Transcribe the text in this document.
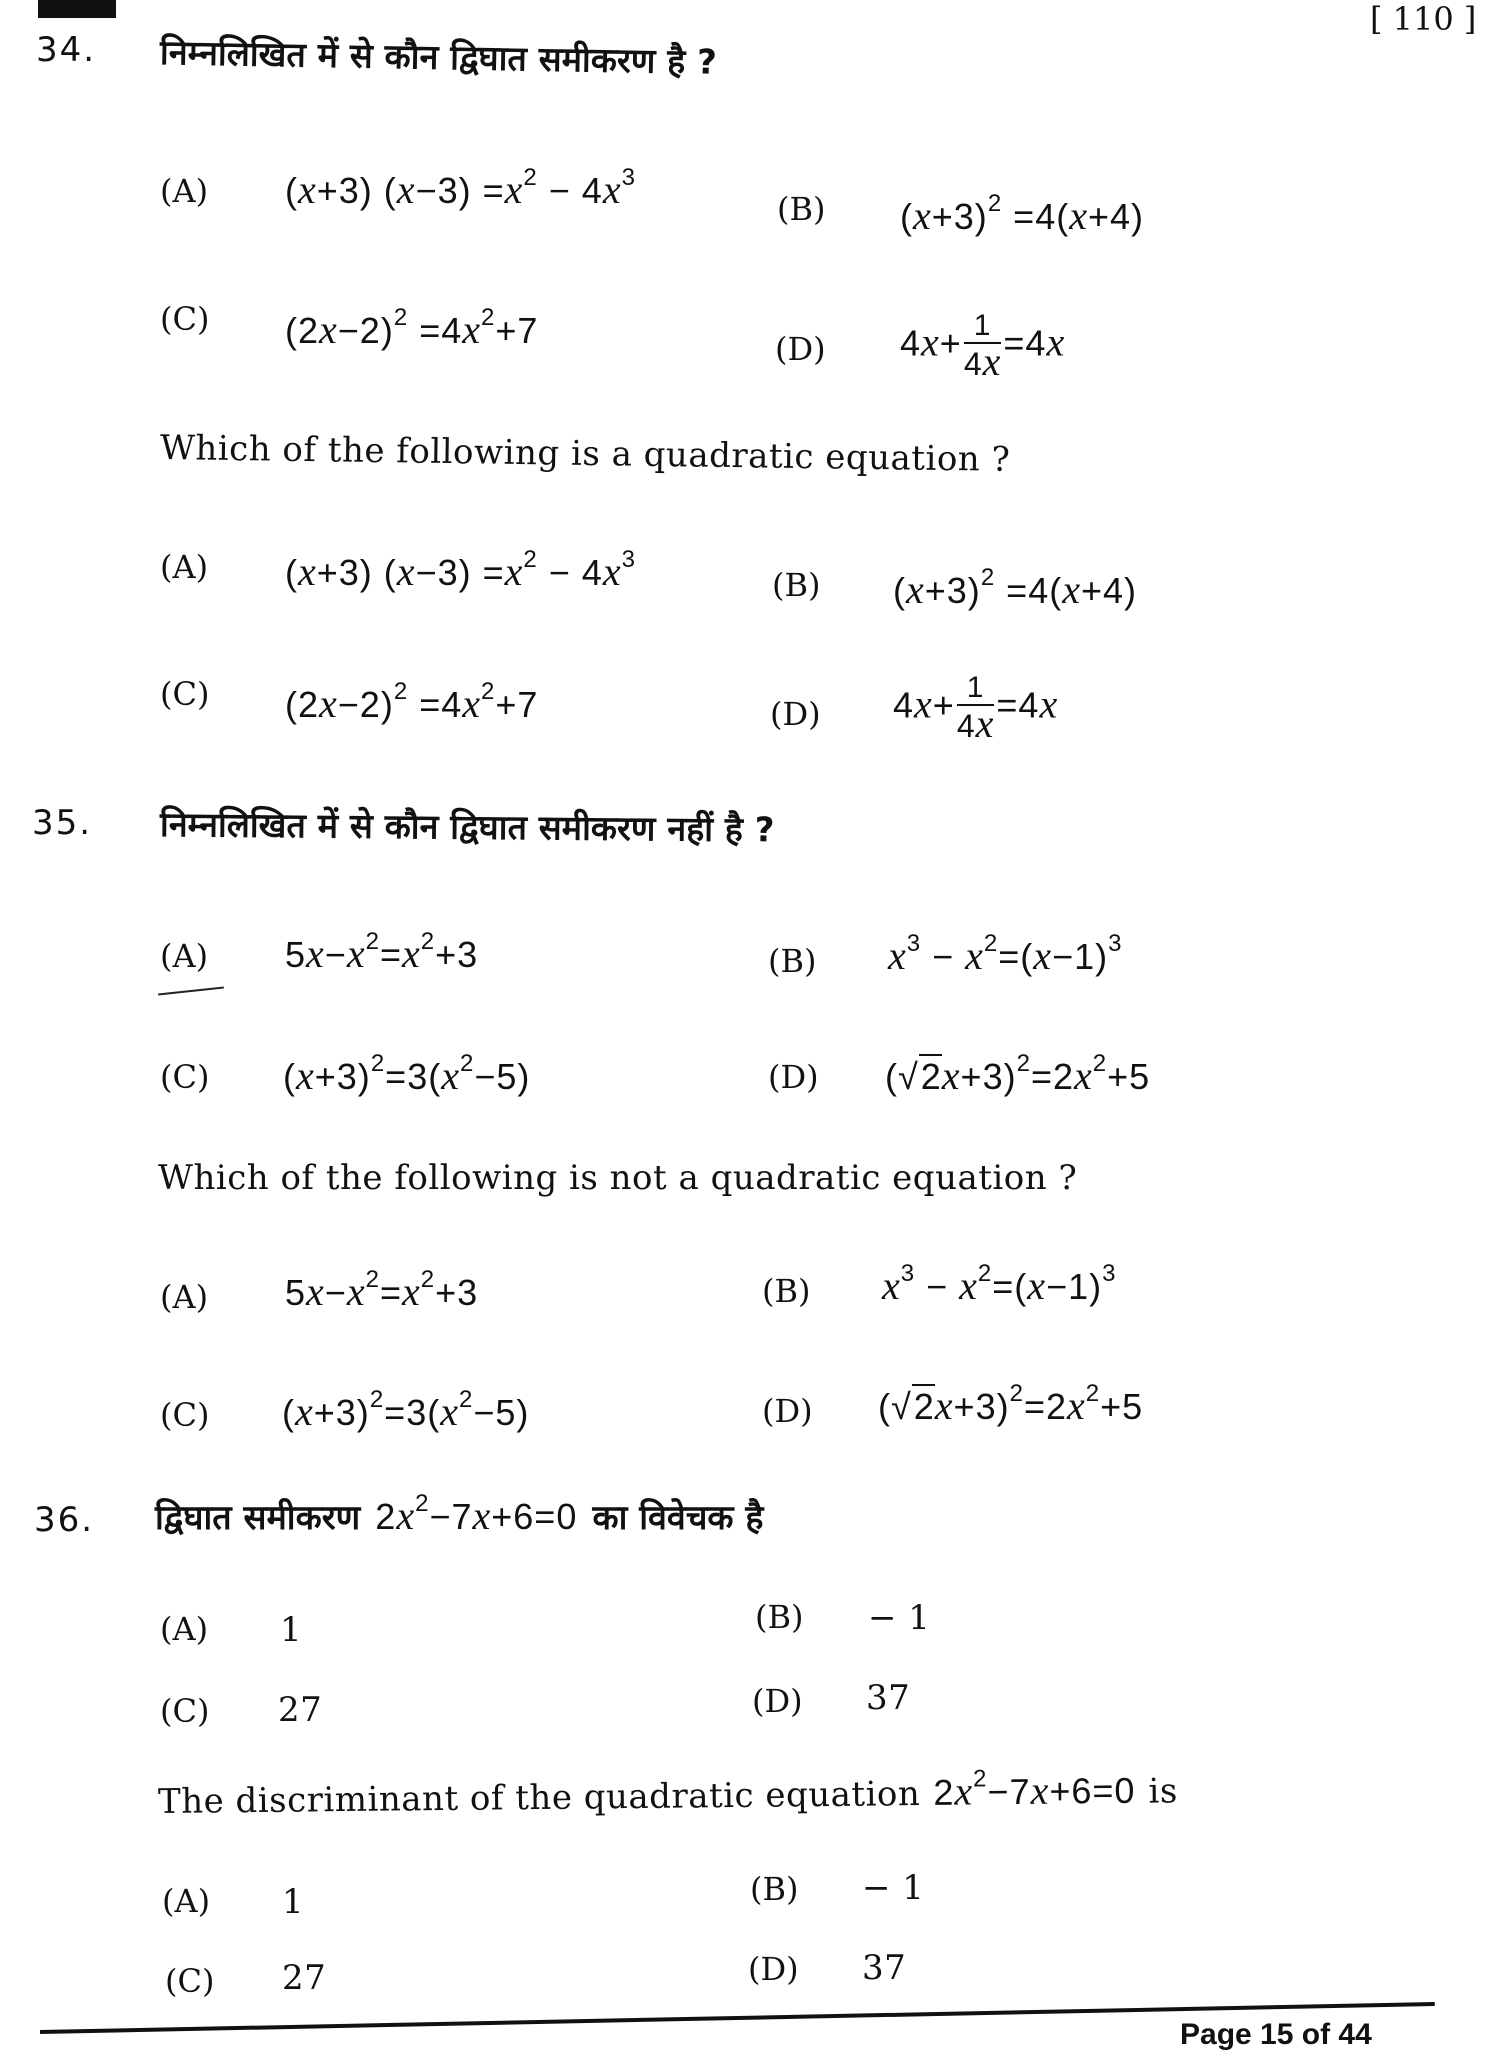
[ 110 ]
34. निम्नलिखित में से कौन द्विघात समीकरण है ?
(A) (x+3) $(x-3) =x^2 - 4x^3$
(B) $(x+3)^2 =4(x+4)$
(C) $(2x-2)^2 =4x^2+7$	(D) $4x+ \frac{1}{4x} =4x$
Which of the following is a quadratic equation ?
(A) (x+3) $(x-3) =x^2 - 4x^3$
(B) $(x+3)^2 =4(x+4)$
(C) $(2x-2)^2 =4x^2+7$	(D) $4x+ \frac{1}{4x} =4x$
35. निम्नलिखित में से कौन द्विघात समीकरण नहीं है ?
(A) $5x-x^2=x^2+3$	(B) $x^3 - x^2=(x-1)^3$
(C) $(x+3)^2=3(x^2-5)$	(D) $(√2x+3)^2=2x^2+5$
Which of the following is not a quadratic equation ?
(A) $5x-x^2=x^2+3$	(B) $x^3 - x^2=(x-1)^3$
(C) $(x+3)^2=3(x^2-5)$	(D) $(√2x+3)^2=2x^2+5$
36. द्विघात समीकरण $2x^2-7x+6=0$ का विवेचक है
(A) 1	(B) − 1
(C) 27	(D) 37
The discriminant of the quadratic equation $2x^2-7x+6=0$ is
(A) 1	(B) − 1
(C) 27	(D) 37
Page 15 of 44
